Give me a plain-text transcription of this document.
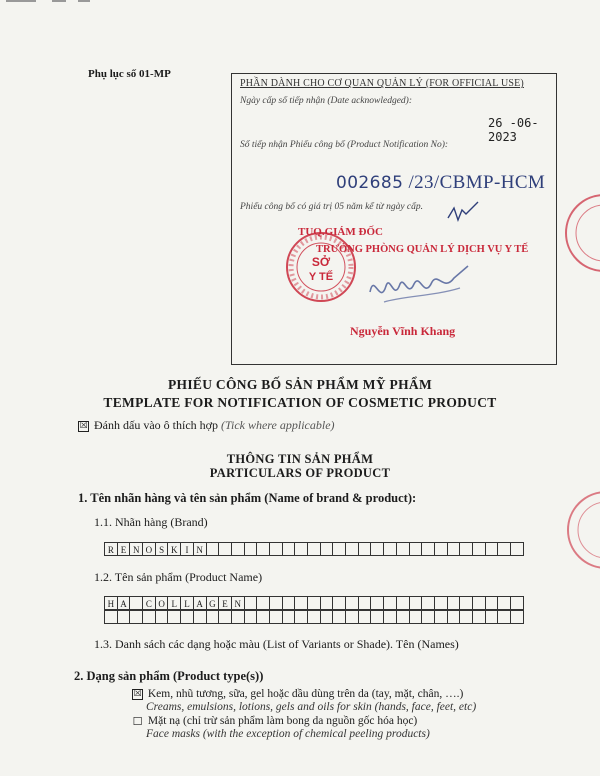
Phụ lục số 01-MP
PHẦN DÀNH CHO CƠ QUAN QUẢN LÝ (FOR OFFICIAL USE)
Ngày cấp số tiếp nhận (Date acknowledged):
26 -06- 2023
Số tiếp nhận Phiếu công bố (Product Notification No):
002685 /23/CBMP-HCM
Phiếu công bố có giá trị 05 năm kể từ ngày cấp.
SỞ
Y TẾ
TUQ.GIÁM ĐỐC
TRƯỞNG PHÒNG QUẢN LÝ DỊCH VỤ Y TẾ
Nguyễn Vĩnh Khang
PHIẾU CÔNG BỐ SẢN PHẨM MỸ PHẨM
TEMPLATE FOR NOTIFICATION OF COSMETIC PRODUCT
☒ Đánh dấu vào ô thích hợp (Tick where applicable)
THÔNG TIN SẢN PHẨM
PARTICULARS OF PRODUCT
1. Tên nhãn hàng và tên sản phẩm (Name of brand & product):
1.1. Nhãn hàng (Brand)
R E N O S K I N
1.2. Tên sản phẩm (Product Name)
H A	C O L L A G E N
1.3. Danh sách các dạng hoặc màu (List of Variants or Shade). Tên (Names)
2. Dạng sản phẩm (Product type(s))
☒ Kem, nhũ tương, sữa, gel hoặc dầu dùng trên da (tay, mặt, chân, ….)
Creams, emulsions, lotions, gels and oils for skin (hands, face, feet, etc)
☐ Mặt nạ (chỉ trừ sản phẩm làm bong da nguồn gốc hóa học)
Face masks (with the exception of chemical peeling products)
